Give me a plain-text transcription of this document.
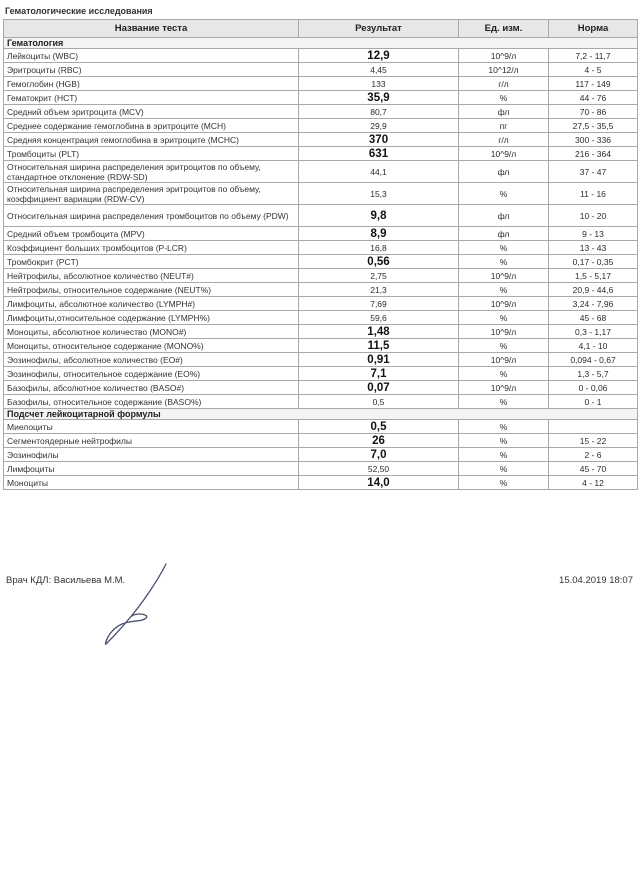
Гематологические исследования
Название теста	Результат	Ед. изм.	Норма
Гематология			
Лейкоциты (WBC)	12,9	10^9/л	7,2 - 11,7
Эритроциты (RBC)	4,45	10^12/л	4 - 5
Гемоглобин (HGB)	133	г/л	117 - 149
Гематокрит (HCT)	35,9	%	44 - 76
Средний объем эритроцита (MCV)	80,7	фл	70 - 86
Среднее содержание гемоглобина в эритроците (MCH)	29,9	пг	27,5 - 35,5
Средняя концентрация гемоглобина в эритроците (MCHC)	370	г/л	300 - 336
Тромбоциты (PLT)	631	10^9/л	216 - 364
Относительная ширина распределения эритроцитов по объему, стандартное отклонение (RDW-SD)	44,1	фл	37 - 47
Относительная ширина распределения эритроцитов по объему, коэффициент вариации (RDW-CV)	15,3	%	11 - 16
Относительная ширина распределения тромбоцитов по объему (PDW)	9,8	фл	10 - 20
Средний объем тромбоцита (MPV)	8,9	фл	9 - 13
Коэффициент больших тромбоцитов (P-LCR)	16,8	%	13 - 43
Тромбокрит (PCT)	0,56	%	0,17 - 0,35
Нейтрофилы, абсолютное количество (NEUT#)	2,75	10^9/л	1,5 - 5,17
Нейтрофилы, относительное содержание (NEUT%)	21,3	%	20,9 - 44,6
Лимфоциты, абсолютное количество (LYMPH#)	7,69	10^9/л	3,24 - 7,96
Лимфоциты,относительное содержание (LYMPH%)	59,6	%	45 - 68
Моноциты, абсолютное количество (MONO#)	1,48	10^9/л	0,3 - 1,17
Моноциты, относительное содержание (MONO%)	11,5	%	4,1 - 10
Эозинофилы, абсолютное количество (EO#)	0,91	10^9/л	0,094 - 0,67
Эозинофилы, относительное содержание (EO%)	7,1	%	1,3 - 5,7
Базофилы, абсолютное количество (BASO#)	0,07	10^9/л	0 - 0,06
Базофилы, относительное содержание (BASO%)	0,5	%	0 - 1
Подсчет лейкоцитарной формулы			
Миелоциты	0,5	%	
Сегментоядерные нейтрофилы	26	%	15 - 22
Эозинофилы	7,0	%	2 - 6
Лимфоциты	52,50	%	45 - 70
Моноциты	14,0	%	4 - 12
Врач КДЛ: Васильева М.М.	15.04.2019 18:07
